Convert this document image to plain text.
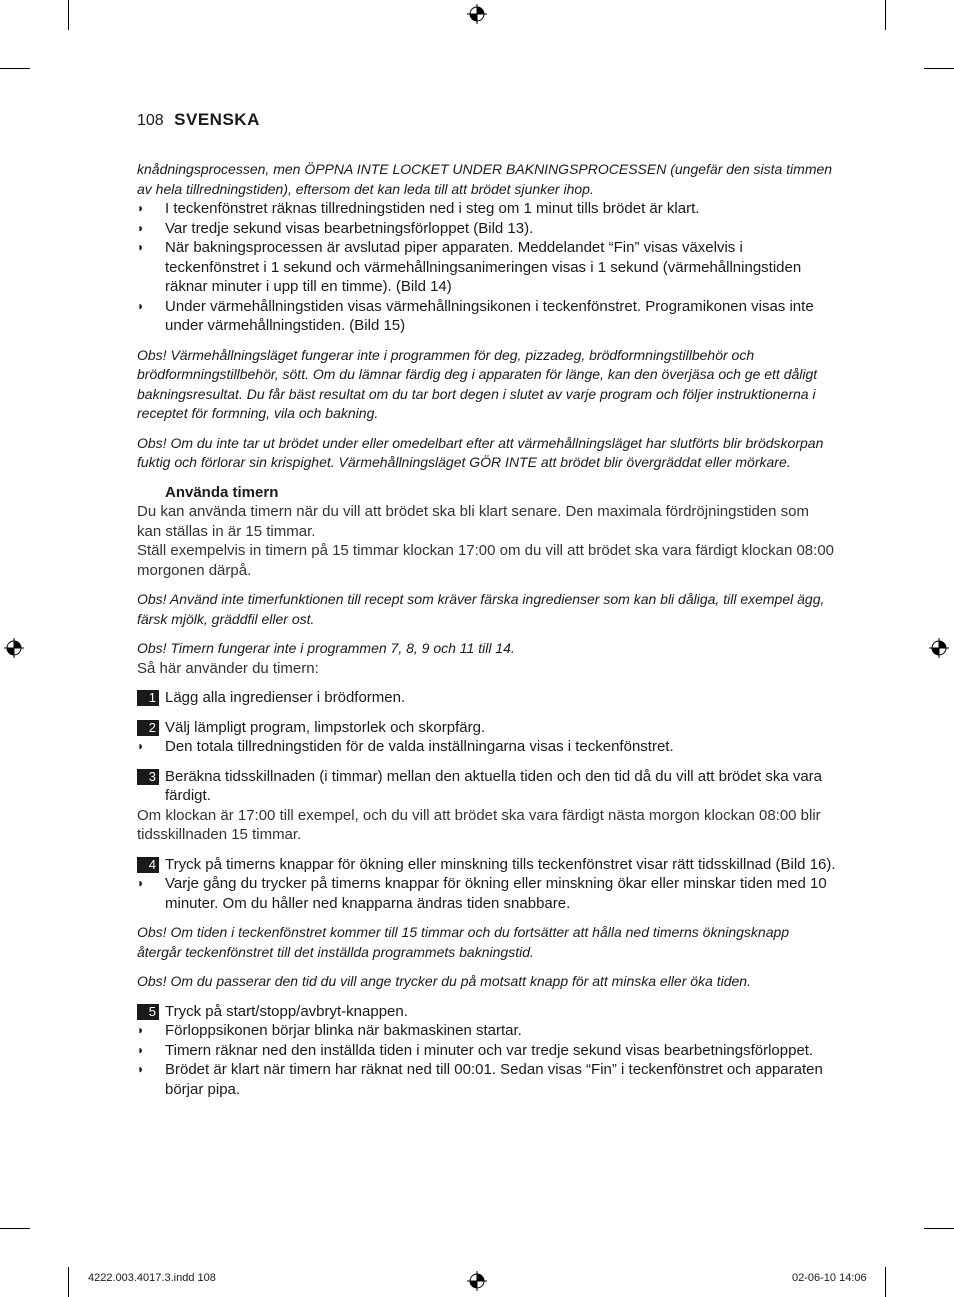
108 SVENSKA

knådningsprocessen, men ÖPPNA INTE LOCKET UNDER BAKNINGSPROCESSEN (ungefär den sista timmen av hela tillredningstiden), eftersom det kan leda till att brödet sjunker ihop.

◗ I teckenfönstret räknas tillredningstiden ned i steg om 1 minut tills brödet är klart.
◗ Var tredje sekund visas bearbetningsförloppet (Bild 13).
◗ När bakningsprocessen är avslutad piper apparaten. Meddelandet “Fin” visas växelvis i teckenfönstret i 1 sekund och värmehållningsanimeringen visas i 1 sekund (värmehållningstiden räknar minuter i upp till en timme). (Bild 14)
◗ Under värmehållningstiden visas värmehållningsikonen i teckenfönstret. Programikonen visas inte under värmehållningstiden. (Bild 15)

Obs! Värmehållningsläget fungerar inte i programmen för deg, pizzadeg, brödformningstillbehör och brödformningstillbehör, sött. Om du lämnar färdig deg i apparaten för länge, kan den överjäsa och ge ett dåligt bakningsresultat. Du får bäst resultat om du tar bort degen i slutet av varje program och följer instruktionerna i receptet för formning, vila och bakning.

Obs! Om du inte tar ut brödet under eller omedelbart efter att värmehållningsläget har slutförts blir brödskorpan fuktig och förlorar sin krispighet. Värmehållningsläget GÖR INTE att brödet blir övergräddat eller mörkare.

Använda timern

Du kan använda timern när du vill att brödet ska bli klart senare. Den maximala fördröjningstiden som kan ställas in är 15 timmar.

Ställ exempelvis in timern på 15 timmar klockan 17:00 om du vill att brödet ska vara färdigt klockan 08:00 morgonen därpå.

Obs! Använd inte timerfunktionen till recept som kräver färska ingredienser som kan bli dåliga, till exempel ägg, färsk mjölk, gräddfil eller ost.

Obs! Timern fungerar inte i programmen 7, 8, 9 och 11 till 14.

Så här använder du timern:

1 Lägg alla ingredienser i brödformen.
2 Välj lämpligt program, limpstorlek och skorpfärg.
◗ Den totala tillredningstiden för de valda inställningarna visas i teckenfönstret.
3 Beräkna tidsskillnaden (i timmar) mellan den aktuella tiden och den tid då du vill att brödet ska vara färdigt.

Om klockan är 17:00 till exempel, och du vill att brödet ska vara färdigt nästa morgon klockan 08:00 blir tidsskillnaden 15 timmar.

4 Tryck på timerns knappar för ökning eller minskning tills teckenfönstret visar rätt tidsskillnad (Bild 16).
◗ Varje gång du trycker på timerns knappar för ökning eller minskning ökar eller minskar tiden med 10 minuter. Om du håller ned knapparna ändras tiden snabbare.

Obs! Om tiden i teckenfönstret kommer till 15 timmar och du fortsätter att hålla ned timerns ökningsknapp återgår teckenfönstret till det inställda programmets bakningstid.

Obs! Om du passerar den tid du vill ange trycker du på motsatt knapp för att minska eller öka tiden.

5 Tryck på start/stopp/avbryt-knappen.
◗ Förloppsikonen börjar blinka när bakmaskinen startar.
◗ Timern räknar ned den inställda tiden i minuter och var tredje sekund visas bearbetningsförloppet.
◗ Brödet är klart när timern har räknat ned till 00:01. Sedan visas “Fin” i teckenfönstret och apparaten börjar pipa.
4222.003.4017.3.indd 108	02-06-10 14:06
